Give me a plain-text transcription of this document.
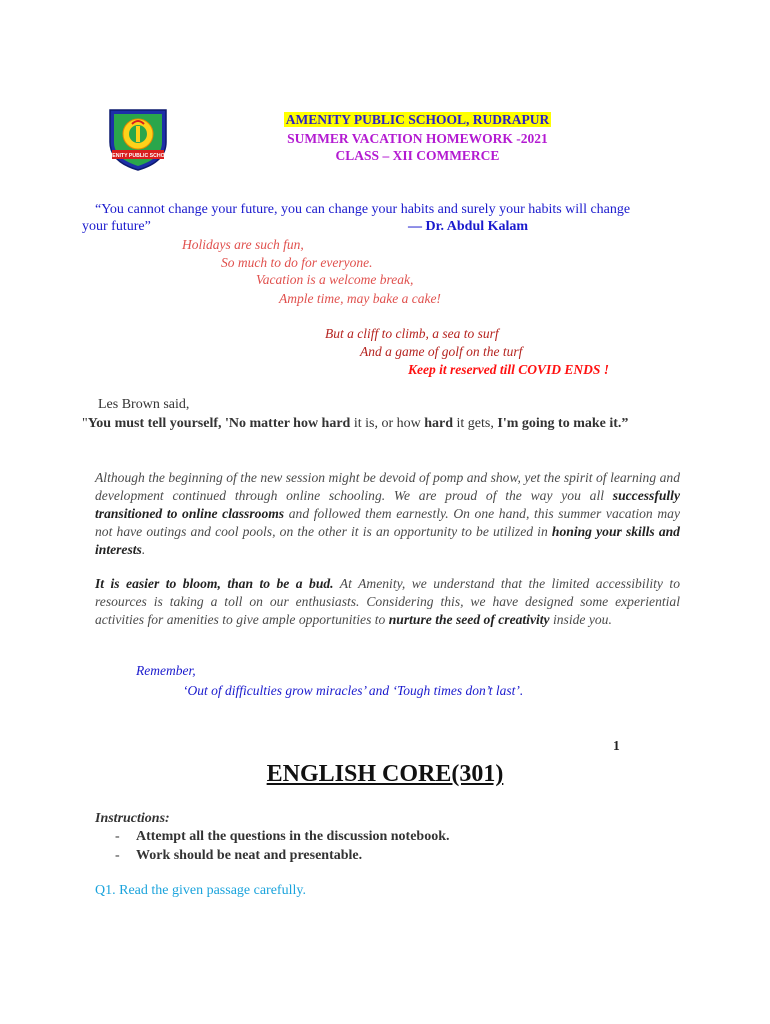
AMENITY PUBLIC SCHOOL
AMENITY PUBLIC SCHOOL, RUDRAPUR
SUMMER VACATION HOMEWORK -2021
CLASS – XII COMMERCE
“You cannot change your future, you can change your habits and surely your habits will change
your future”	― Dr. Abdul Kalam
Holidays are such fun,
So much to do for everyone.
Vacation is a welcome break,
Ample time, may bake a cake!
But a cliff to climb, a sea to surf
And a game of golf on the turf
Keep it reserved till COVID ENDS !
Les Brown said,
"You must tell yourself, 'No matter how hard it is, or how hard it gets, I'm going to make it.”
Although the beginning of the new session might be devoid of pomp and show, yet the spirit of learning and development continued through online schooling. We are proud of the way you all successfully transitioned to online classrooms and followed them earnestly. On one hand, this summer vacation may not have outings and cool pools, on the other it is an opportunity to be utilized in honing your skills and interests.
It is easier to bloom, than to be a bud. At Amenity, we understand that the limited accessibility to resources is taking a toll on our enthusiasts. Considering this, we have designed some experiential activities for amenities to give ample opportunities to nurture the seed of creativity inside you.
Remember,
‘Out of difficulties grow miracles’ and ‘Tough times don’t last’.
1
ENGLISH CORE(301)
Instructions:
- Attempt all the questions in the discussion notebook.
- Work should be neat and presentable.
Q1. Read the given passage carefully.
